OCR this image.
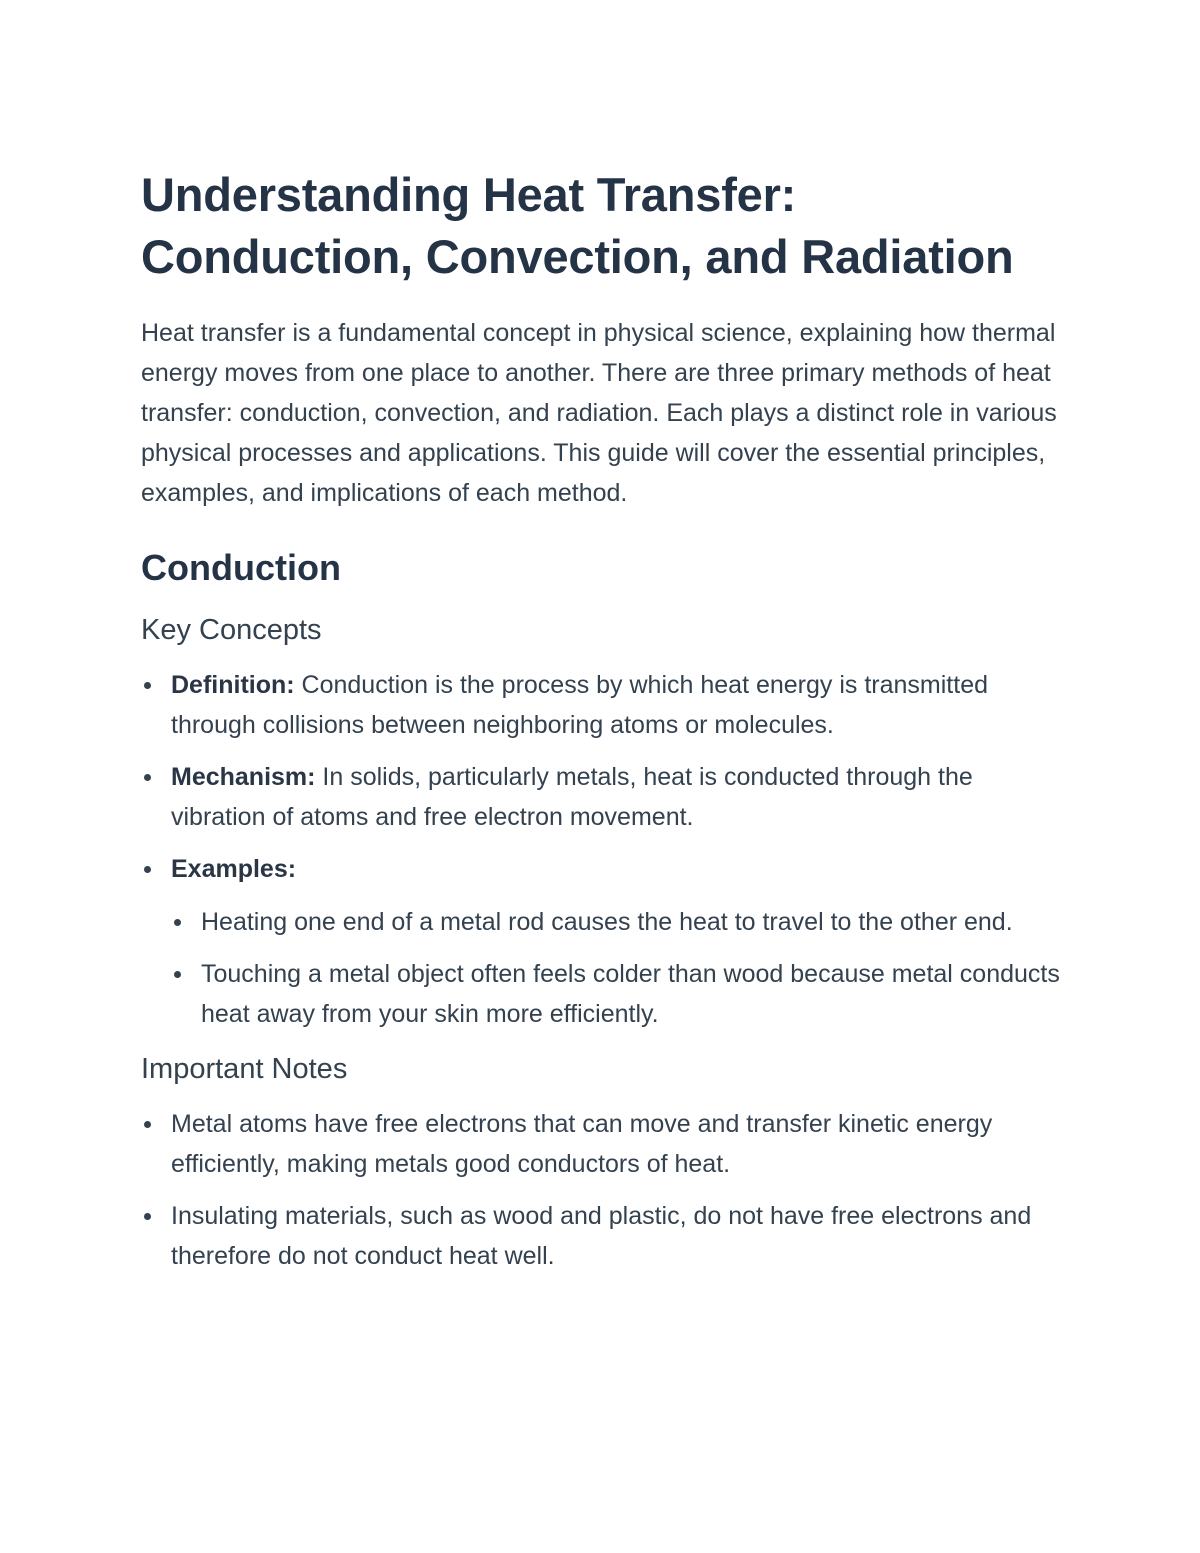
Understanding Heat Transfer: Conduction, Convection, and Radiation

Heat transfer is a fundamental concept in physical science, explaining how thermal energy moves from one place to another. There are three primary methods of heat transfer: conduction, convection, and radiation. Each plays a distinct role in various physical processes and applications. This guide will cover the essential principles, examples, and implications of each method.

Conduction
Key Concepts
Definition: Conduction is the process by which heat energy is transmitted through collisions between neighboring atoms or molecules.
Mechanism: In solids, particularly metals, heat is conducted through the vibration of atoms and free electron movement.
Examples:
Heating one end of a metal rod causes the heat to travel to the other end.
Touching a metal object often feels colder than wood because metal conducts heat away from your skin more efficiently.
Important Notes
Metal atoms have free electrons that can move and transfer kinetic energy efficiently, making metals good conductors of heat.
Insulating materials, such as wood and plastic, do not have free electrons and therefore do not conduct heat well.
